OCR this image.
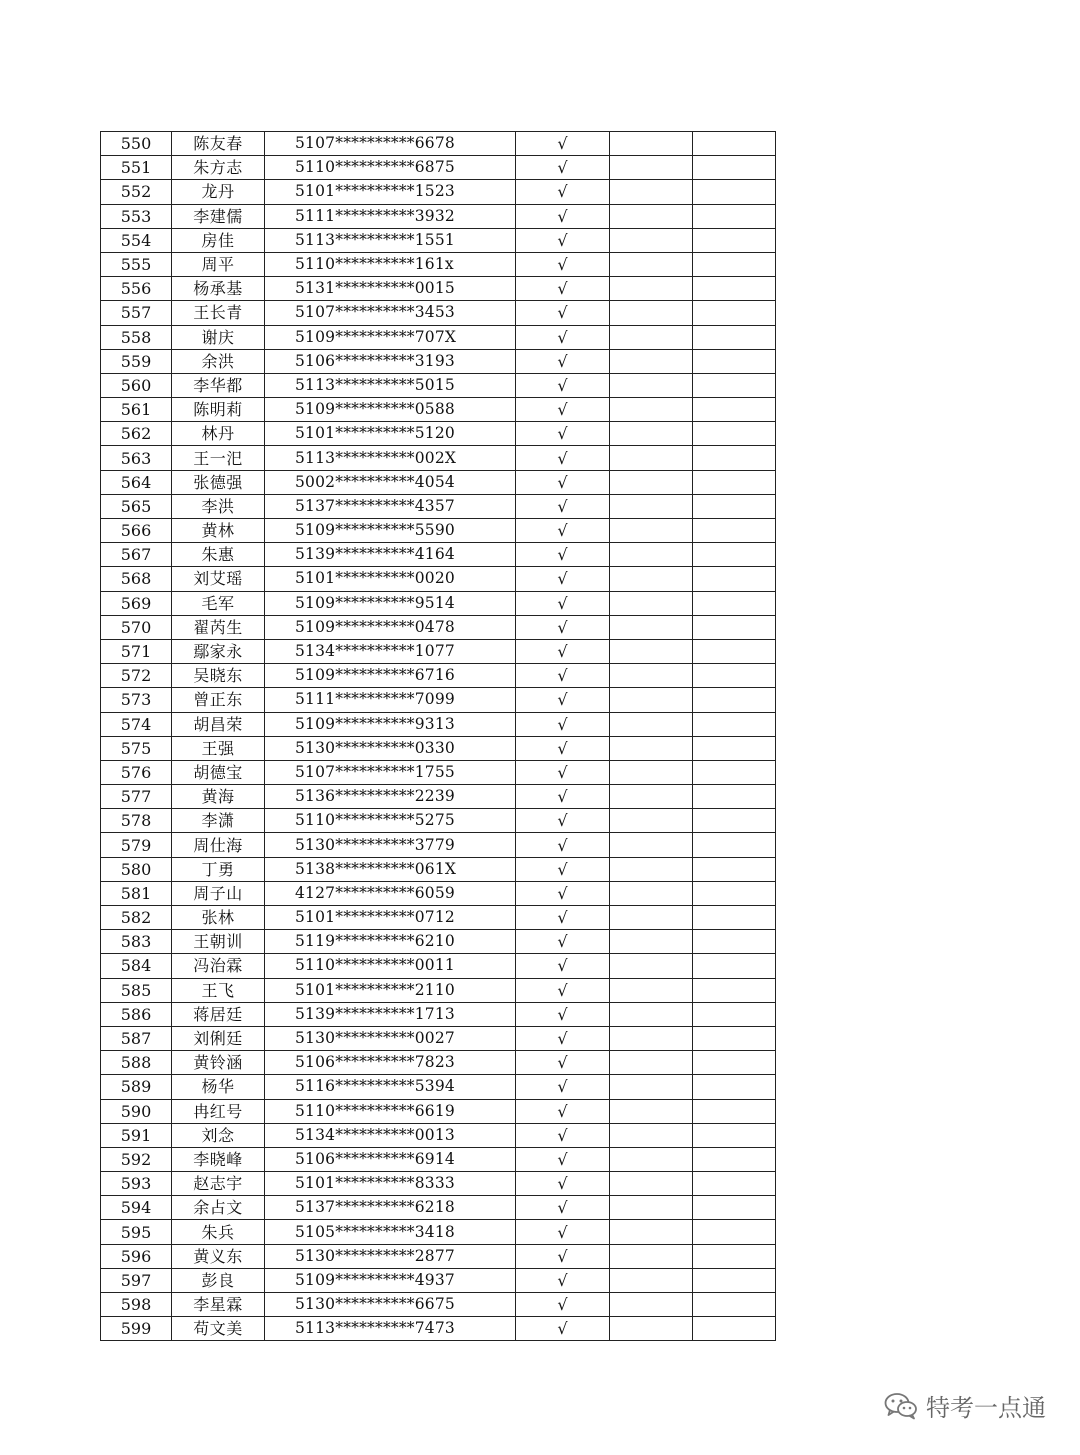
550	陈友春	5107**********6678	√		
551	朱方志	5110**********6875	√		
552	龙丹	5101**********1523	√		
553	李建儒	5111**********3932	√		
554	房佳	5113**********1551	√		
555	周平	5110**********161x	√		
556	杨承基	5131**********0015	√		
557	王长青	5107**********3453	√		
558	谢庆	5109**********707X	√		
559	余洪	5106**********3193	√		
560	李华都	5113**********5015	√		
561	陈明莉	5109**********0588	√		
562	林丹	5101**********5120	√		
563	王一汜	5113**********002X	√		
564	张德强	5002**********4054	√		
565	李洪	5137**********4357	√		
566	黄林	5109**********5590	√		
567	朱惠	5139**********4164	√		
568	刘艾瑶	5101**********0020	√		
569	毛军	5109**********9514	√		
570	翟芮生	5109**********0478	√		
571	鄢家永	5134**********1077	√		
572	吴晓东	5109**********6716	√		
573	曾正东	5111**********7099	√		
574	胡昌荣	5109**********9313	√		
575	王强	5130**********0330	√		
576	胡德宝	5107**********1755	√		
577	黄海	5136**********2239	√		
578	李潇	5110**********5275	√		
579	周仕海	5130**********3779	√		
580	丁勇	5138**********061X	√		
581	周子山	4127**********6059	√		
582	张林	5101**********0712	√		
583	王朝训	5119**********6210	√		
584	冯治霖	5110**********0011	√		
585	王飞	5101**********2110	√		
586	蒋居廷	5139**********1713	√		
587	刘俐廷	5130**********0027	√		
588	黄铃涵	5106**********7823	√		
589	杨华	5116**********5394	√		
590	冉红号	5110**********6619	√		
591	刘念	5134**********0013	√		
592	李晓峰	5106**********6914	√		
593	赵志宇	5101**********8333	√		
594	余占文	5137**********6218	√		
595	朱兵	5105**********3418	√		
596	黄义东	5130**********2877	√		
597	彭良	5109**********4937	√		
598	李星霖	5130**********6675	√		
599	苟文美	5113**********7473	√		
特考一点通
